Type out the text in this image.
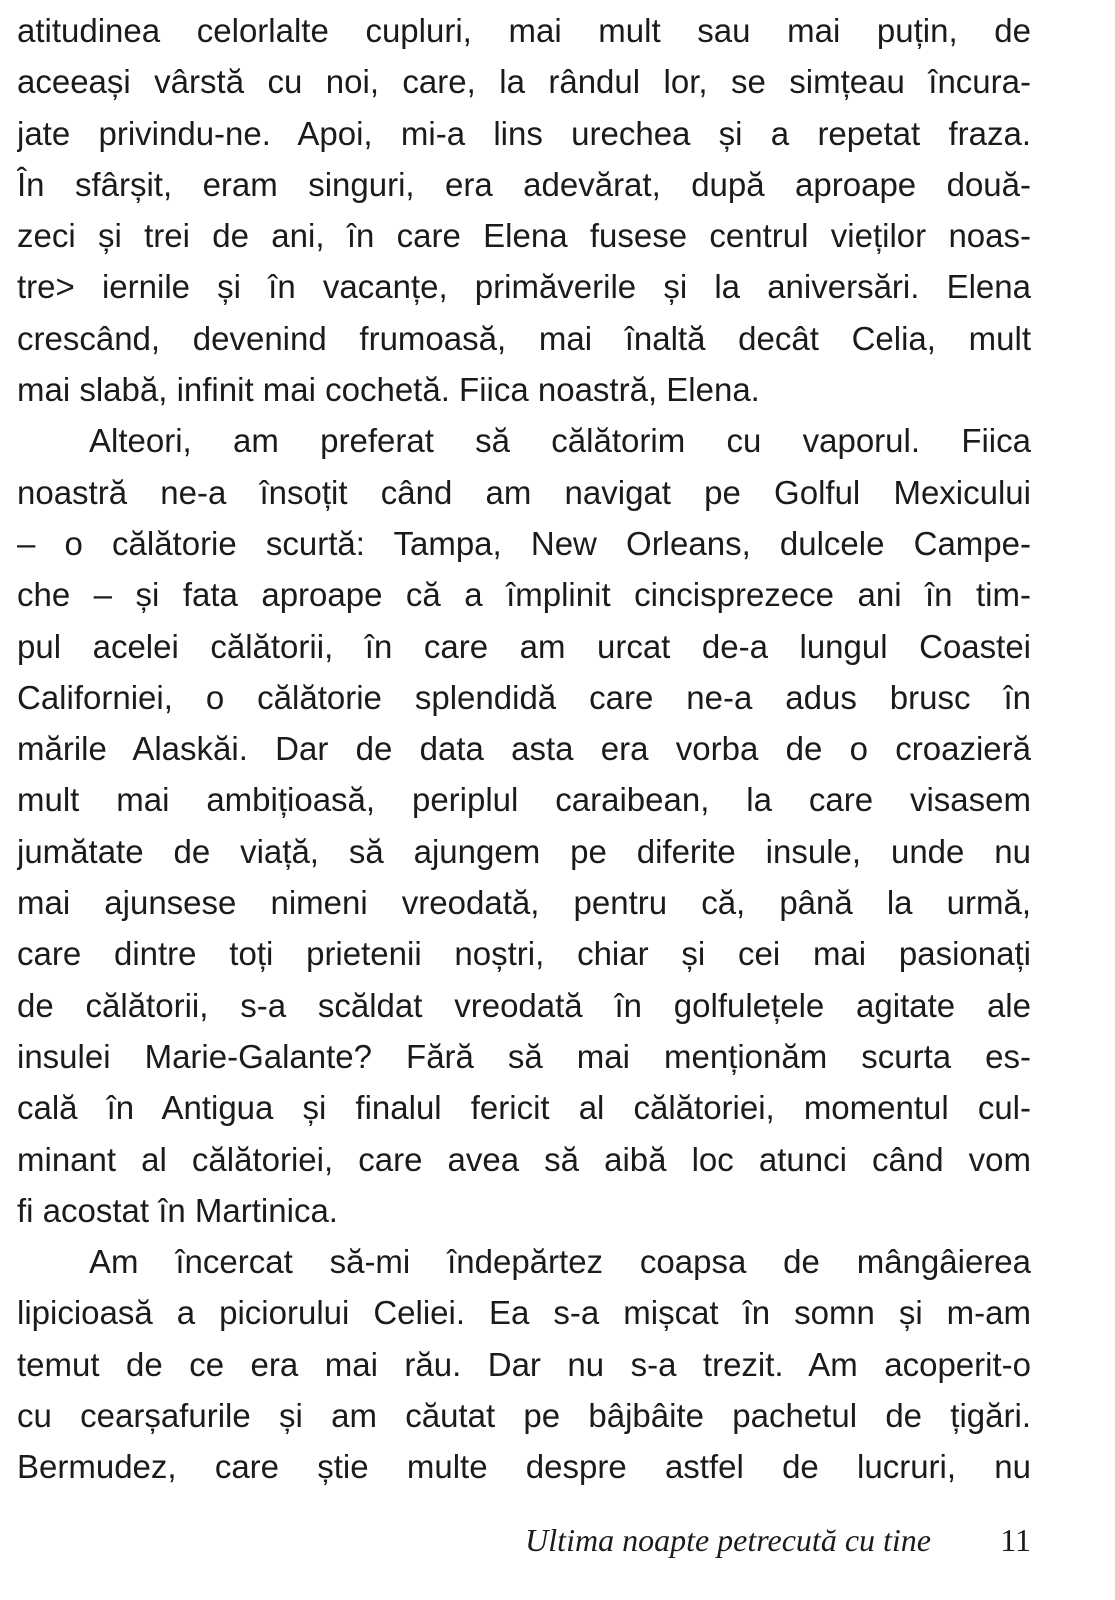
atitudinea celorlalte cupluri, mai mult sau mai puțin, de
aceeași vârstă cu noi, care, la rândul lor, se simțeau încura-
jate privindu-ne. Apoi, mi-a lins urechea și a repetat fraza.
În sfârșit, eram singuri, era adevărat, după aproape două-
zeci și trei de ani, în care Elena fusese centrul vieților noas-
tre> iernile și în vacanțe, primăverile și la aniversări. Elena
crescând, devenind frumoasă, mai înaltă decât Celia, mult
mai slabă, infinit mai cochetă. Fiica noastră, Elena.
Alteori, am preferat să călătorim cu vaporul. Fiica
noastră ne-a însoțit când am navigat pe Golful Mexicului
– o călătorie scurtă: Tampa, New Orleans, dulcele Campe-
che – și fata aproape că a împlinit cincisprezece ani în tim-
pul acelei călătorii, în care am urcat de-a lungul Coastei
Californiei, o călătorie splendidă care ne-a adus brusc în
mările Alaskăi. Dar de data asta era vorba de o croazieră
mult mai ambițioasă, periplul caraibean, la care visasem
jumătate de viață, să ajungem pe diferite insule, unde nu
mai ajunsese nimeni vreodată, pentru că, până la urmă,
care dintre toți prietenii noștri, chiar și cei mai pasionați
de călătorii, s-a scăldat vreodată în golfulețele agitate ale
insulei Marie-Galante? Fără să mai menționăm scurta es-
cală în Antigua și finalul fericit al călătoriei, momentul cul-
minant al călătoriei, care avea să aibă loc atunci când vom
fi acostat în Martinica.
Am încercat să-mi îndepărtez coapsa de mângâierea
lipicioasă a piciorului Celiei. Ea s-a mișcat în somn și m-am
temut de ce era mai rău. Dar nu s-a trezit. Am acoperit-o
cu cearșafurile și am căutat pe bâjbâite pachetul de țigări.
Bermudez, care știe multe despre astfel de lucruri, nu
Ultima noapte petrecută cu tine 11
